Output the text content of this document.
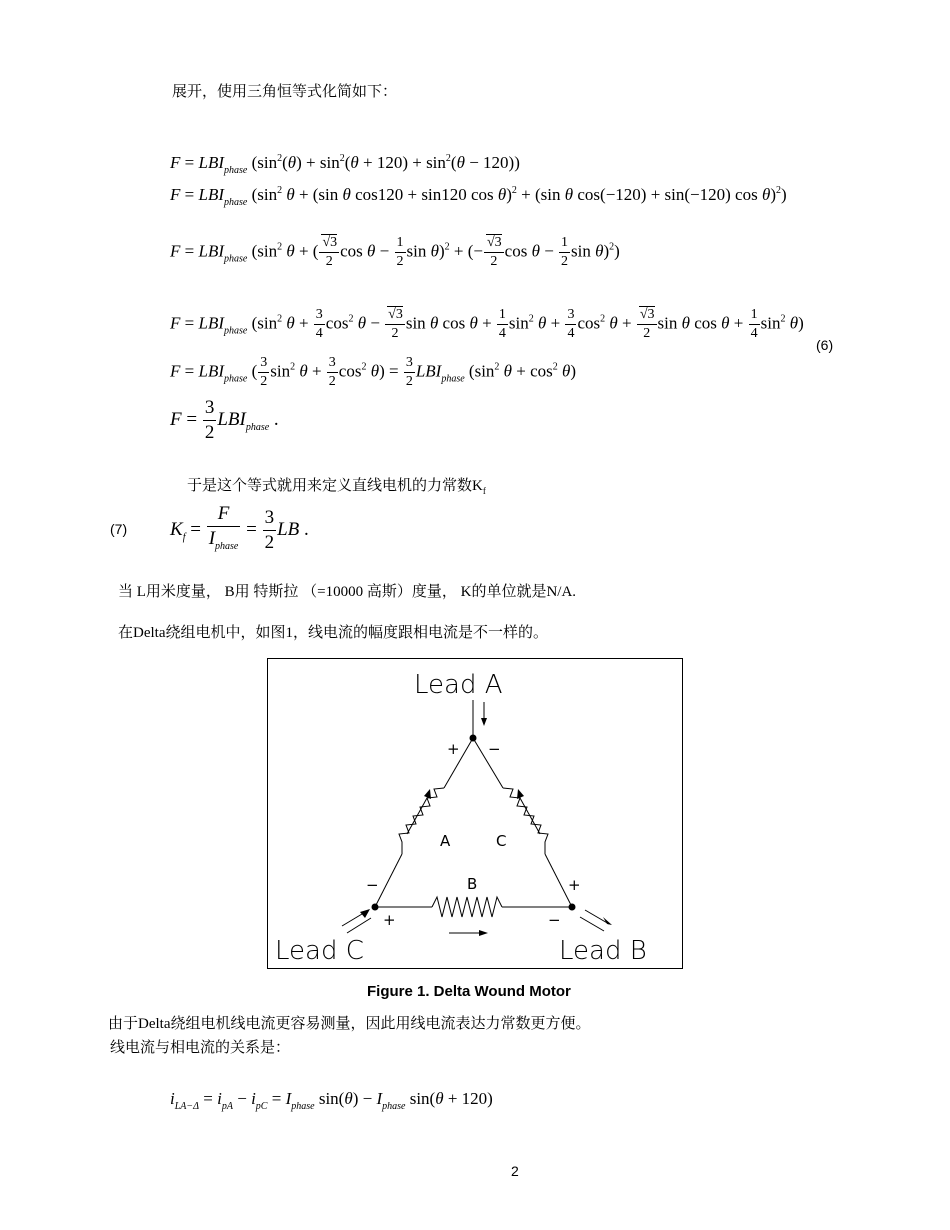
展开，使用三角恒等式化简如下：
$F = LBI_{phase}$ $(\sin^2(\theta) + \sin^2(\theta + 120) + \sin^2(\theta - 120))$
$F = LBI_{phase}$ ($\sin^2$ θ + (sin θ cos120 + sin120 cos θ)$^2$ + (sin θ cos(−120) + sin(−120) cos θ)$^2$)
$F = LBI_{phase}$ ($\sin^2$ θ + ( $\frac{√3}{2}$ $\cos \theta - \frac{1}{2}$ sin θ)$^2$ + (− $\frac{√3}{2}$ $\cos \theta - \frac{1}{2}$ sin θ)$^2$)
$F = LBI_{phase}$ ($\sin^2$ $\theta + \frac{3}{4} \cos^2 \theta - \frac{√3}{2}$ sin θ $\cos \theta + \frac{1}{4} \sin^2 \theta + \frac{3}{4} \cos^2 \theta + \frac{√3}{2}$ sin θ $\cos \theta + \frac{1}{4} \sin^2 \theta$)
(6)
$F = LBI_{phase}$ ( $\frac{3}{2} \sin^2 \theta + \frac{3}{2} \cos^2 \theta) = \frac{3}{2} LBI_{phase}$ ($\sin^2$ $\theta + \cos^2 \theta$)
$F = \frac{3}{2} LBI_{phase}$ .
于是这个等式就用来定义直线电机的力常数$K_f$
(7) $K_f = \frac{F}{I_{phase}} = \frac{3}{2}$ LB .
当 L用米度量， B用 特斯拉 （=10000 高斯）度量， K的单位就是N/A.
在Delta绕组电机中，如图1，线电流的幅度跟相电流是不一样的。
Lead A
Lead C	Lead B
A	C
B
+ −
−	+
+	−
Figure 1. Delta Wound Motor
由于Delta绕组电机线电流更容易测量，因此用线电流表达力常数更方便。
线电流与相电流的关系是：
$i_{LA-\Delta} = i_{pA} - i_{pC} = I_{phase}$ $\sin(\theta) - I_{phase}$ sin(θ + 120)
2
